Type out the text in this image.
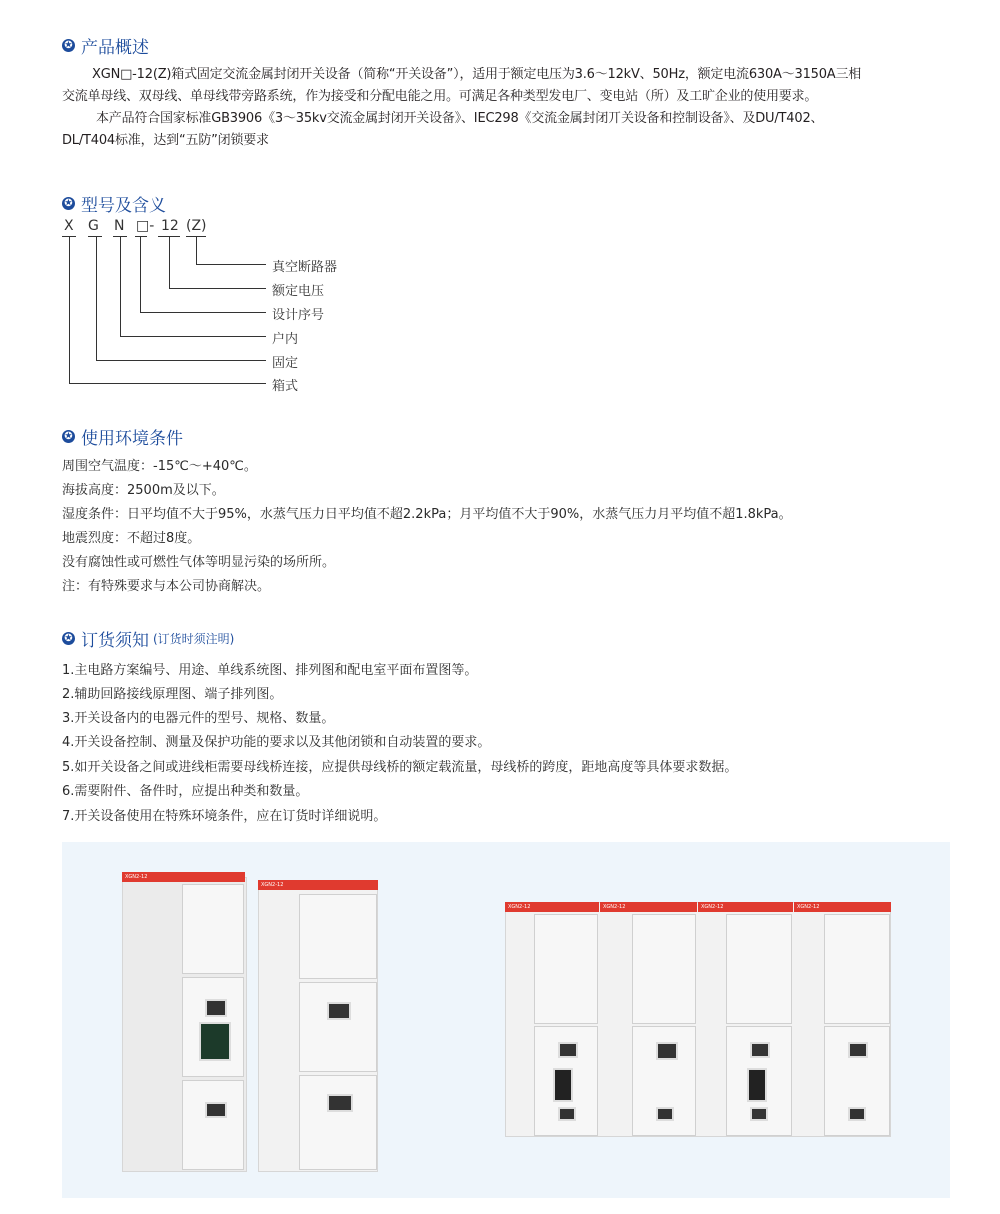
✪ 产品概述
XGN□-12(Z)箱式固定交流金属封闭开关设备（简称“开关设备”），适用于额定电压为3.6～12kV、50Hz，额定电流630A～3150A三相
交流单母线、双母线、单母线带旁路系统，作为接受和分配电能之用。可满足各种类型发电厂、变电站（所）及工旷企业的使用要求。
本产品符合国家标准GB3906《3～35kv交流金属封闭开关设备》、IEC298《交流金属封闭丌关设备和控制设备》、及DU/T402、
DL/T404标准，达到“五防”闭锁要求
✪ 型号及含义
X G N □- 12 (Z)
真空断路器
额定电压
设计序号
户内
固定
箱式
✪ 使用环境条件
周围空气温度：-15℃～+40℃。
海拔高度：2500m及以下。
湿度条件：日平均值不大于95%，水蒸气压力日平均值不超2.2kPa；月平均值不大于90%，水蒸气压力月平均值不超1.8kPa。
地震烈度：不超过8度。
没有腐蚀性或可燃性气体等明显污染的场所所。
注：有特殊要求与本公司协商解决。
✪ 订货须知 (订货时须注明)
1.主电路方案编号、用途、单线系统图、排列图和配电室平面布置图等。
2.辅助回路接线原理图、端子排列图。
3.开关设备内的电器元件的型号、规格、数量。
4.开关设备控制、测量及保护功能的要求以及其他闭锁和自动装置的要求。
5.如开关设备之间或进线柜需要母线桥连接，应提供母线桥的额定载流量，母线桥的跨度，距地高度等具体要求数据。
6.需要附件、备件时，应提出种类和数量。
7.开关设备使用在特殊环境条件，应在订货时详细说明。
XGN2-12
XGN2-12
XGN2-12	XGN2-12	XGN2-12	XGN2-12
